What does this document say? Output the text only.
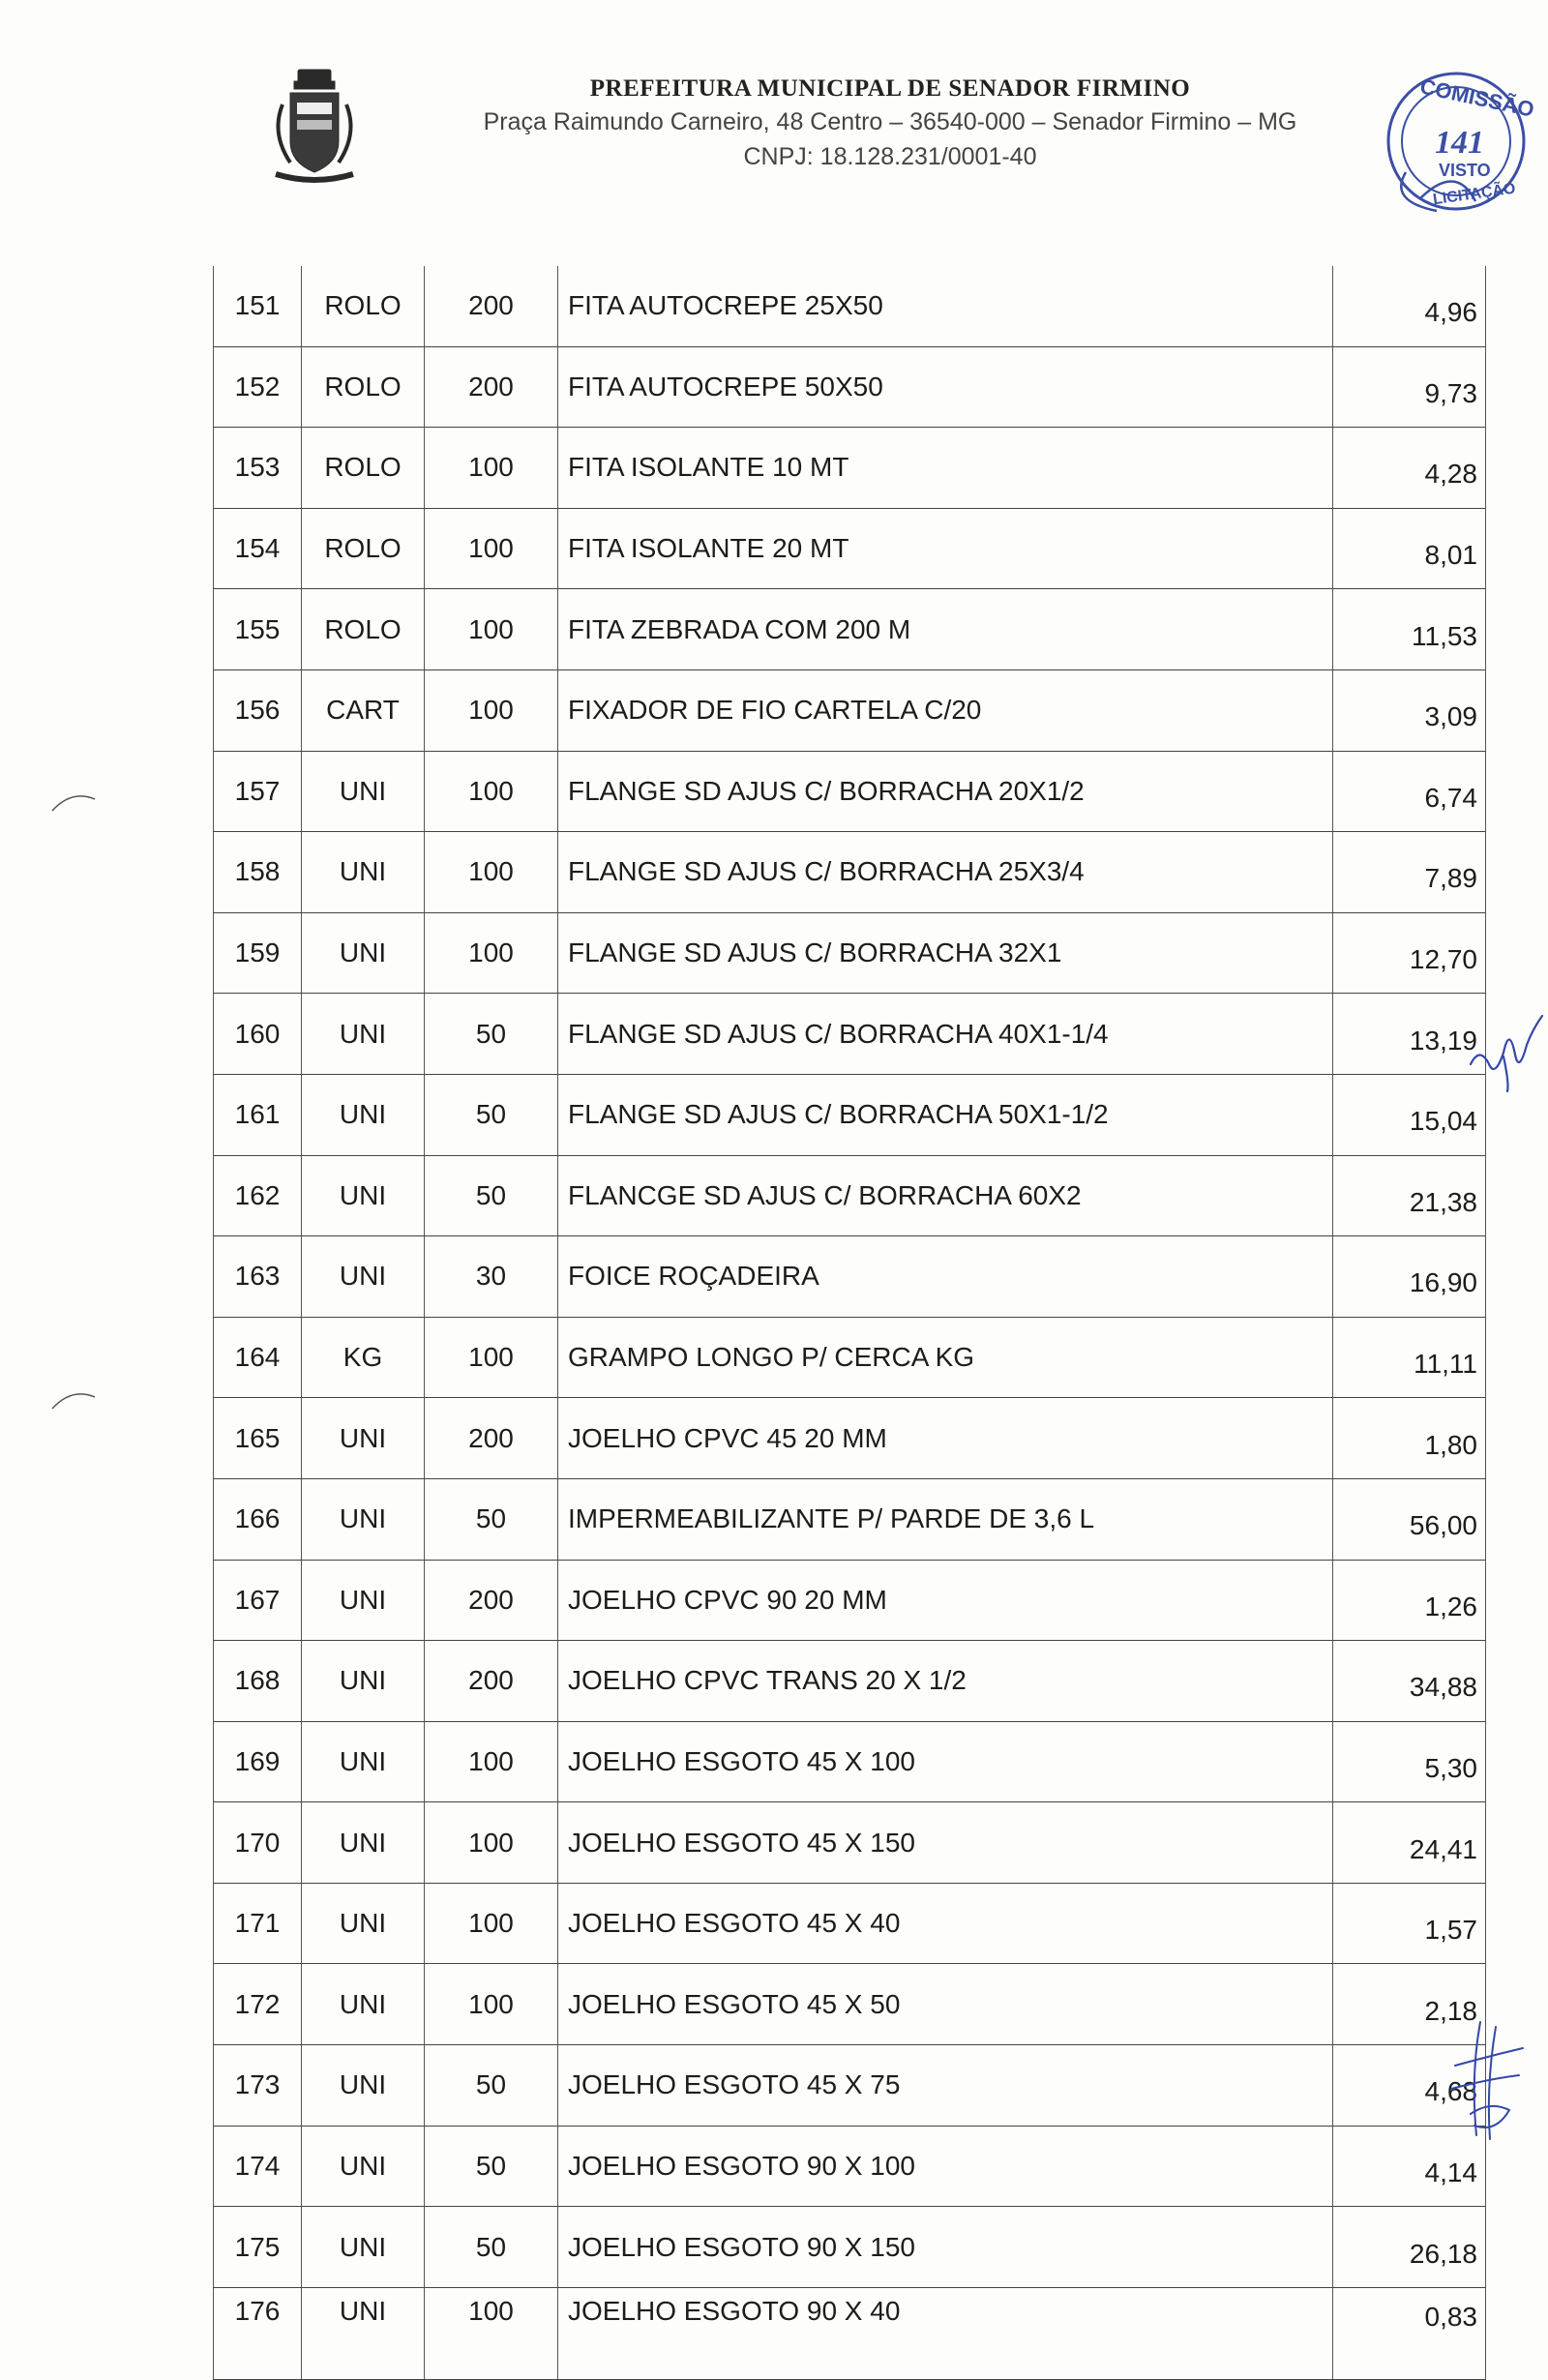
PREFEITURA MUNICIPAL DE SENADOR FIRMINO
Praça Raimundo Carneiro, 48 Centro – 36540-000 – Senador Firmino – MG
CNPJ: 18.128.231/0001-40
COMISSÃO
141
VISTO
LICITAÇÃO
151	ROLO	200	FITA AUTOCREPE 25X50	4,96
152	ROLO	200	FITA AUTOCREPE 50X50	9,73
153	ROLO	100	FITA ISOLANTE 10 MT	4,28
154	ROLO	100	FITA ISOLANTE 20 MT	8,01
155	ROLO	100	FITA ZEBRADA COM 200 M	11,53
156	CART	100	FIXADOR DE FIO CARTELA C/20	3,09
157	UNI	100	FLANGE SD AJUS C/ BORRACHA 20X1/2	6,74
158	UNI	100	FLANGE SD AJUS C/ BORRACHA 25X3/4	7,89
159	UNI	100	FLANGE SD AJUS C/ BORRACHA 32X1	12,70
160	UNI	50	FLANGE SD AJUS C/ BORRACHA 40X1-1/4	13,19
161	UNI	50	FLANGE SD AJUS C/ BORRACHA 50X1-1/2	15,04
162	UNI	50	FLANCGE SD AJUS C/ BORRACHA 60X2	21,38
163	UNI	30	FOICE ROÇADEIRA	16,90
164	KG	100	GRAMPO LONGO P/ CERCA KG	11,11
165	UNI	200	JOELHO CPVC 45 20 MM	1,80
166	UNI	50	IMPERMEABILIZANTE P/ PARDE DE 3,6 L	56,00
167	UNI	200	JOELHO CPVC 90 20 MM	1,26
168	UNI	200	JOELHO CPVC TRANS 20 X 1/2	34,88
169	UNI	100	JOELHO ESGOTO 45 X 100	5,30
170	UNI	100	JOELHO ESGOTO 45 X 150	24,41
171	UNI	100	JOELHO ESGOTO 45 X 40	1,57
172	UNI	100	JOELHO ESGOTO 45 X 50	2,18
173	UNI	50	JOELHO ESGOTO 45 X 75	4,68
174	UNI	50	JOELHO ESGOTO 90 X 100	4,14
175	UNI	50	JOELHO ESGOTO 90 X 150	26,18
176	UNI	100	JOELHO ESGOTO 90 X 40	0,83
